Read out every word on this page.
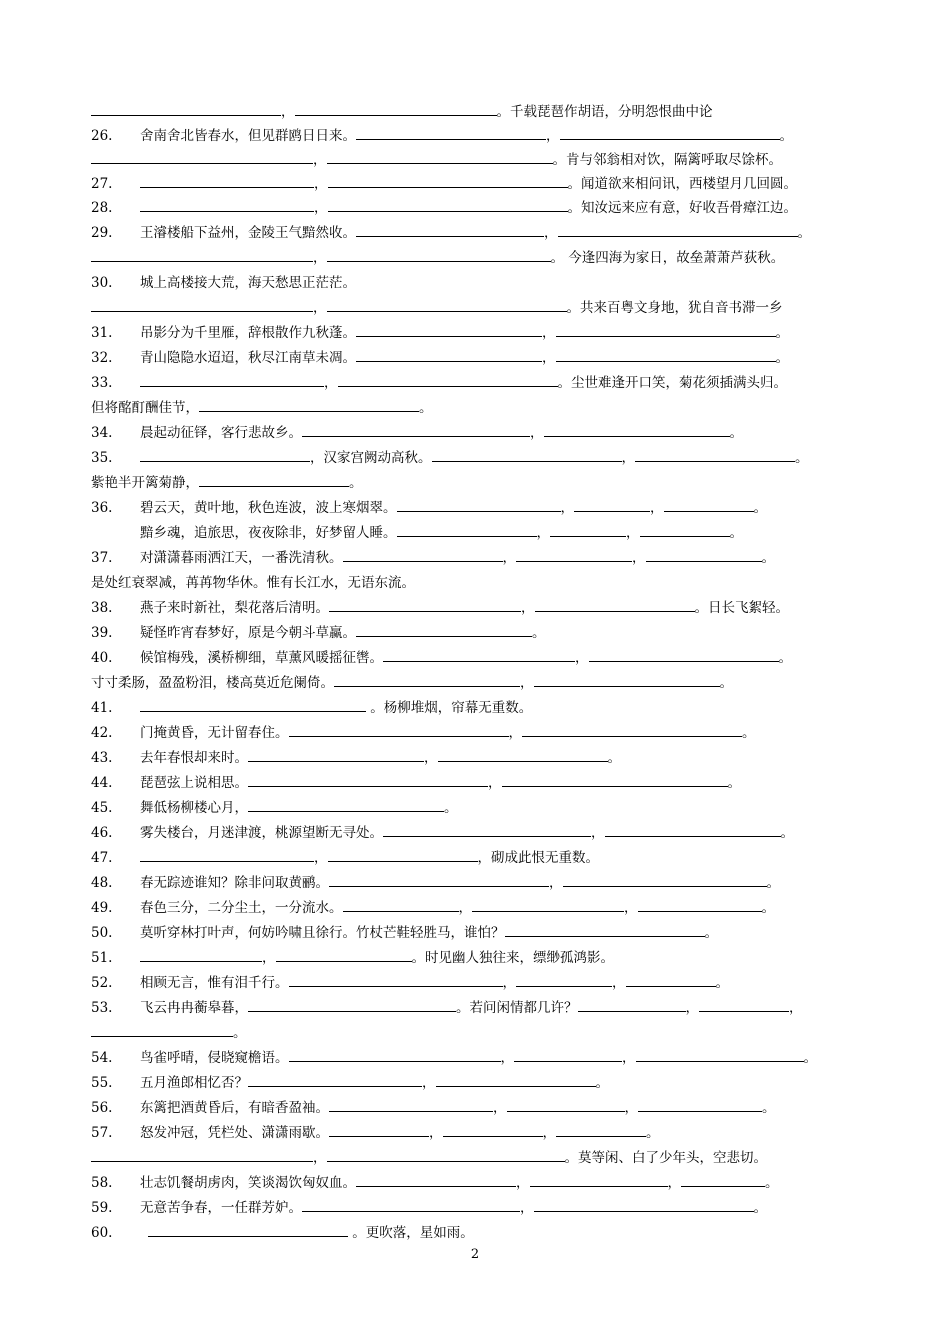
，	。千载琵琶作胡语，分明怨恨曲中论
26. 舍南舍北皆春水，但见群鸥日日来。	，	。
，	。肯与邻翁相对饮，隔篱呼取尽馀杯。
27.	，	。闻道欲来相问讯，西楼望月几回圆。
28.	，	。知汝远来应有意，好收吾骨瘴江边。
29. 王濬楼船下益州，金陵王气黯然收。	，	。
，	。 今逢四海为家日，故垒萧萧芦荻秋。
30. 城上高楼接大荒，海天愁思正茫茫。
，	。共来百粤文身地，犹自音书滞一乡
31. 吊影分为千里雁，辞根散作九秋蓬。	，	。
32. 青山隐隐水迢迢，秋尽江南草未凋。	，	。
33.	，	。尘世难逢开口笑，菊花须插满头归。
但将酩酊酬佳节，	。
34. 晨起动征铎，客行悲故乡。	，	。
35.	，汉家宫阙动高秋。	，	。
紫艳半开篱菊静，	。
36. 碧云天，黄叶地，秋色连波，波上寒烟翠。	，	，	。
黯乡魂，追旅思，夜夜除非，好梦留人睡。	，	，	。
37. 对潇潇暮雨洒江天，一番洗清秋。	，	，	。
是处红衰翠减，苒苒物华休。惟有长江水，无语东流。
38. 燕子来时新社，梨花落后清明。	，	。日长飞絮轻。
39. 疑怪昨宵春梦好，原是今朝斗草赢。	。
40. 候馆梅残，溪桥柳细，草薰风暖摇征辔。	，	。
寸寸柔肠，盈盈粉泪，楼高莫近危阑倚。	，	。
41.	。杨柳堆烟，帘幕无重数。
42. 门掩黄昏，无计留春住。	，	。
43. 去年春恨却来时。	，	。
44. 琵琶弦上说相思。	，	。
45. 舞低杨柳楼心月，	。
46. 雾失楼台，月迷津渡，桃源望断无寻处。	，	。
47.	，	，砌成此恨无重数。
48. 春无踪迹谁知？除非问取黄鹂。	，	。
49. 春色三分，二分尘土，一分流水。	，	，	。
50. 莫听穿林打叶声，何妨吟啸且徐行。竹杖芒鞋轻胜马，谁怕？	。
51.	，	。时见幽人独往来，缥缈孤鸿影。
52. 相顾无言，惟有泪千行。	，	，	。
53. 飞云冉冉蘅皋暮，	。若问闲情都几许？	，	，
。
54. 鸟雀呼晴，侵晓窥檐语。	，	，	。
55. 五月渔郎相忆否？	，	。
56. 东篱把酒黄昏后，有暗香盈袖。	，	，	。
57. 怒发冲冠，凭栏处、潇潇雨歇。	，	，	。
，	。莫等闲、白了少年头，空悲切。
58. 壮志饥餐胡虏肉，笑谈渴饮匈奴血。	，	，	。
59. 无意苦争春，一任群芳妒。	，	。
60.	。更吹落，星如雨。
2
